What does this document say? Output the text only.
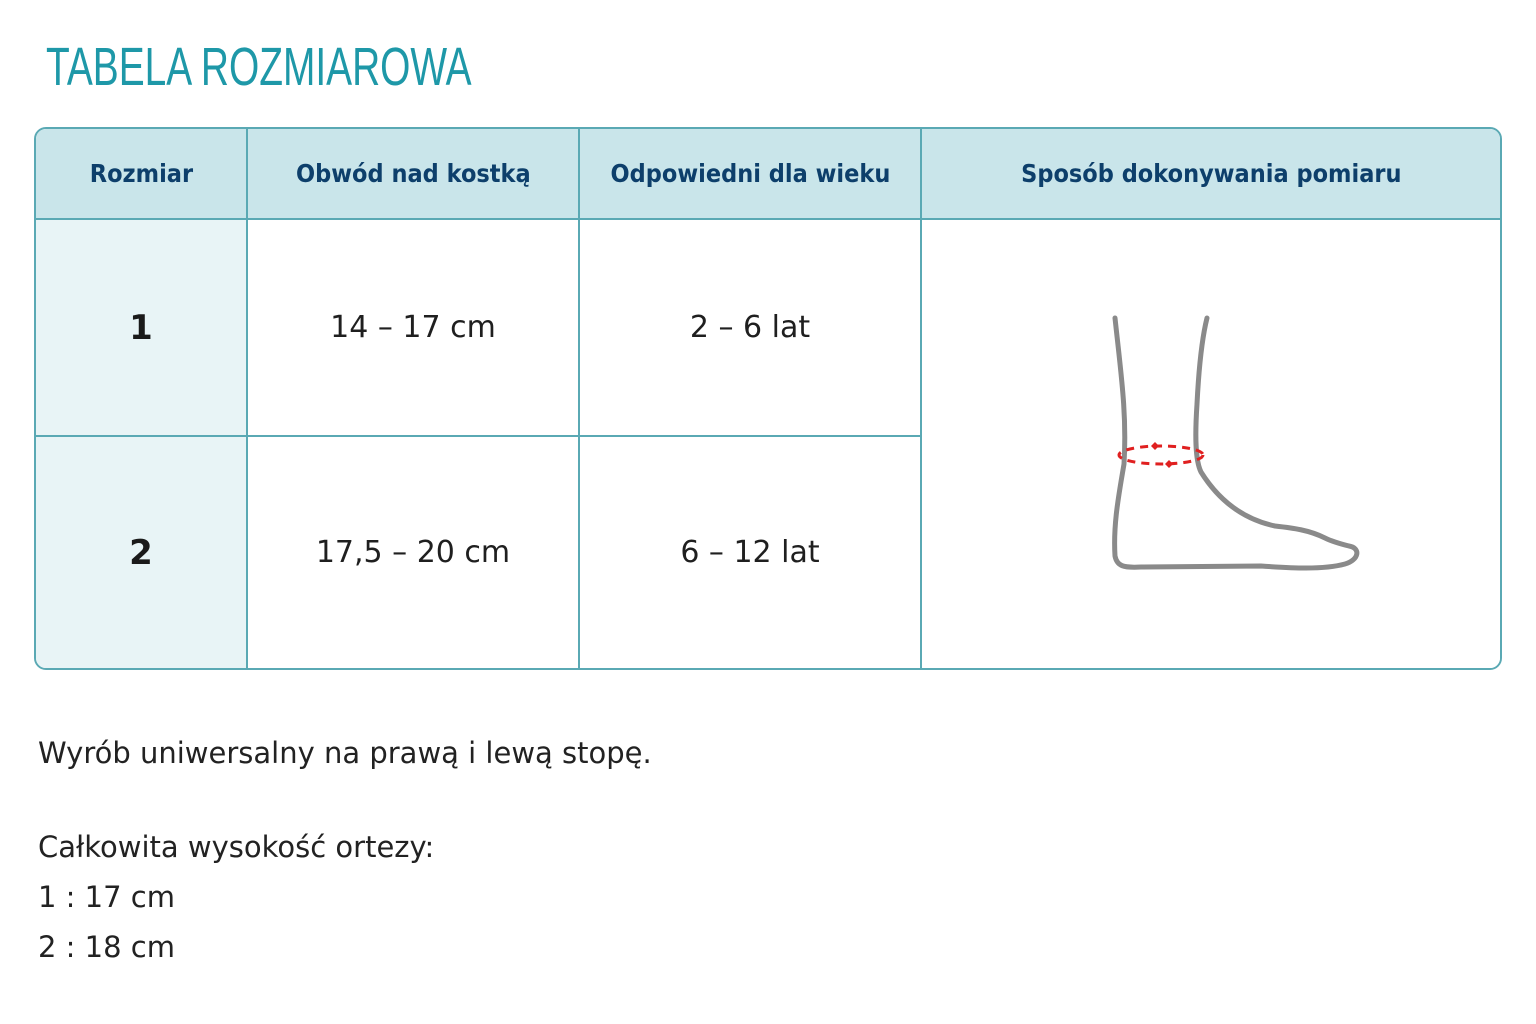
TABELA ROZMIAROWA
Rozmiar	Obwód nad kostką	Odpowiedni dla wieku	Sposób dokonywania pomiaru
1	14 – 17 cm	2 – 6 lat
2	17,5 – 20 cm	6 – 12 lat
Wyrób uniwersalny na prawą i lewą stopę.
Całkowita wysokość ortezy:
1 : 17 cm
2 : 18 cm
